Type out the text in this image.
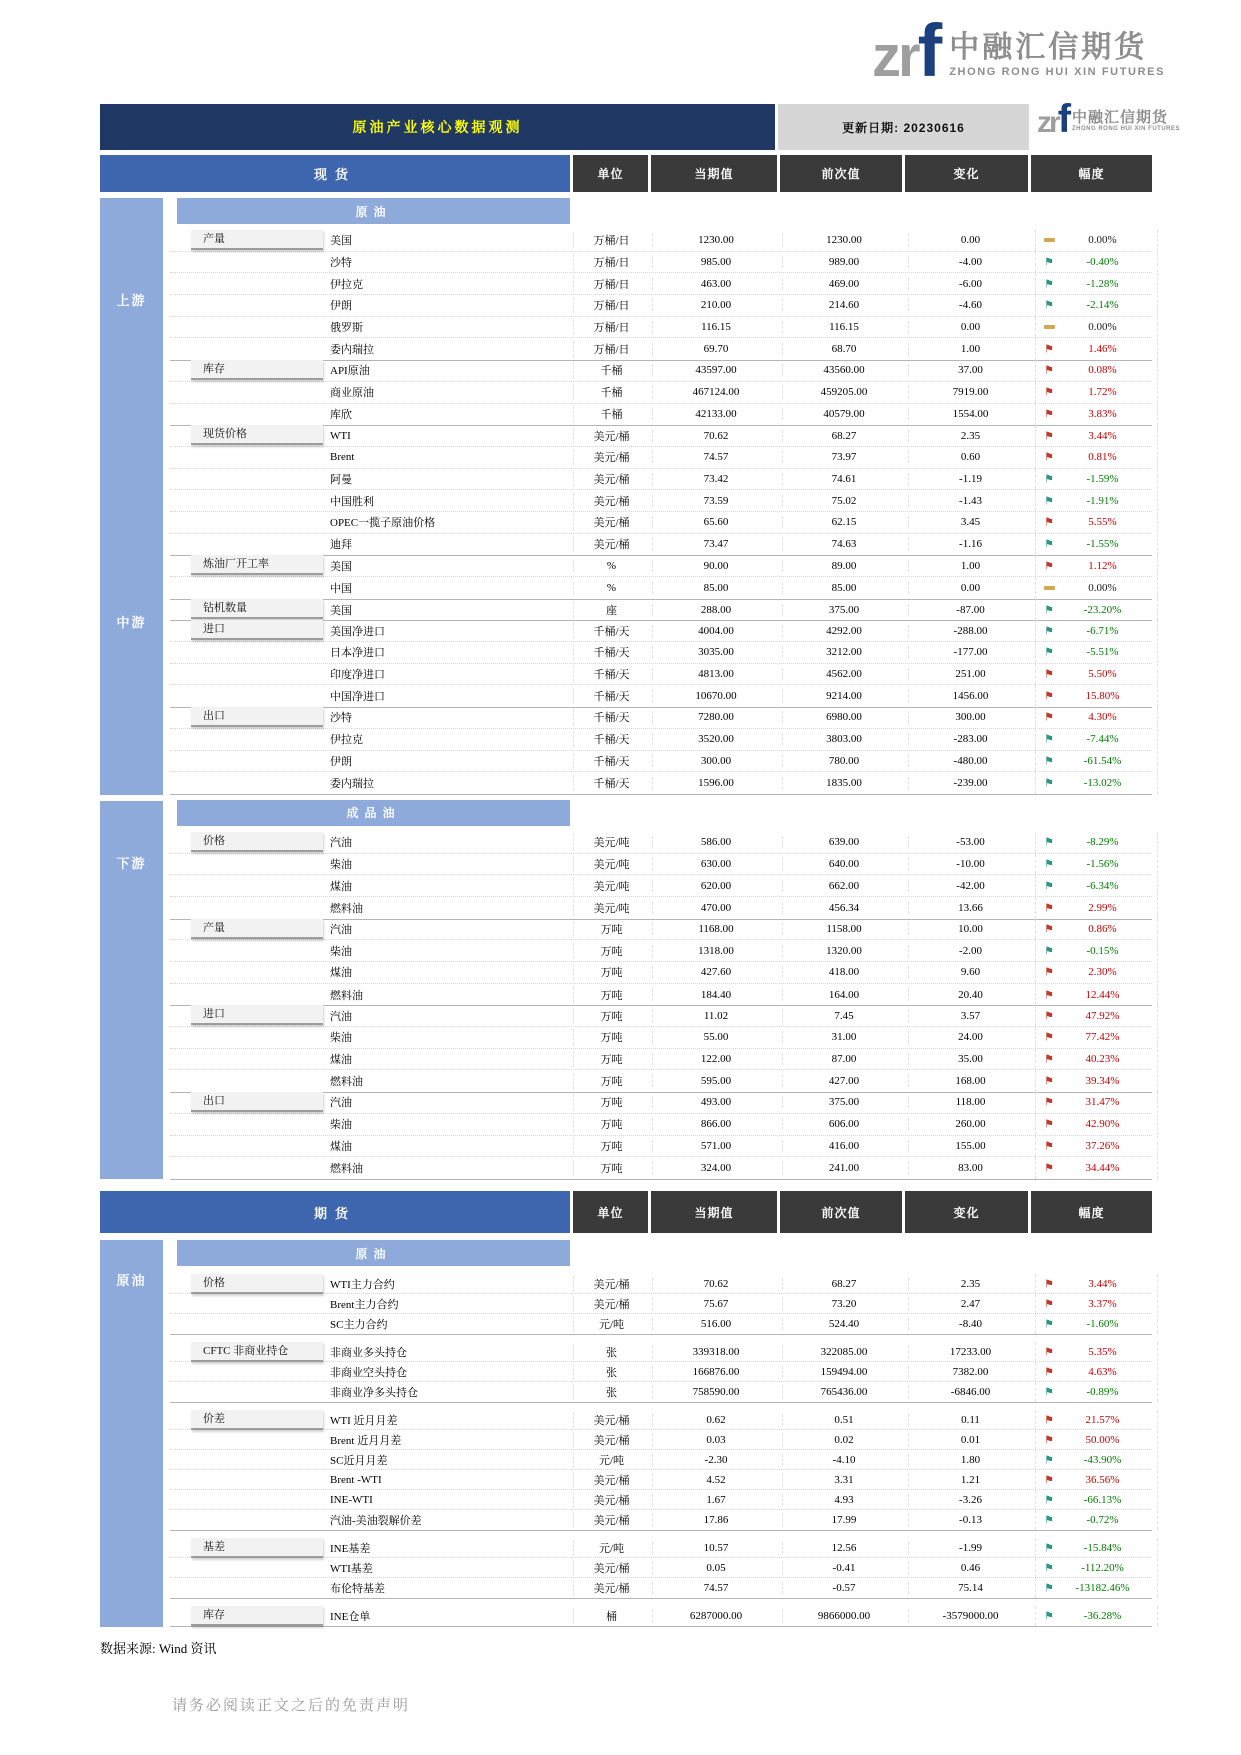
zrf 中融汇信期货
ZHONG RONG HUI XIN FUTURES
原油产业核心数据观测	更新日期: 20230616	zrf 中融汇信期货
ZHONG RONG HUI XIN FUTURES
现货	单位	当期值	前次值	变化	幅度
上游
中游
下游
原油
产量	美国	万桶/日	1230.00	1230.00	0.00	0.00%
沙特	万桶/日	985.00	989.00	-4.00	⚑	-0.40%
伊拉克	万桶/日	463.00	469.00	-6.00	⚑	-1.28%
伊朗	万桶/日	210.00	214.60	-4.60	⚑	-2.14%
俄罗斯	万桶/日	116.15	116.15	0.00	0.00%
委内瑞拉	万桶/日	69.70	68.70	1.00	⚑	1.46%
库存	API原油	千桶	43597.00	43560.00	37.00	⚑	0.08%
商业原油	千桶	467124.00	459205.00	7919.00	⚑	1.72%
库欣	千桶	42133.00	40579.00	1554.00	⚑	3.83%
现货价格	WTI	美元/桶	70.62	68.27	2.35	⚑	3.44%
Brent	美元/桶	74.57	73.97	0.60	⚑	0.81%
阿曼	美元/桶	73.42	74.61	-1.19	⚑	-1.59%
中国胜利	美元/桶	73.59	75.02	-1.43	⚑	-1.91%
OPEC一揽子原油价格	美元/桶	65.60	62.15	3.45	⚑	5.55%
迪拜	美元/桶	73.47	74.63	-1.16	⚑	-1.55%
炼油厂开工率	美国	%	90.00	89.00	1.00	⚑	1.12%
中国	%	85.00	85.00	0.00	0.00%
钻机数量	美国	座	288.00	375.00	-87.00	⚑	-23.20%
进口	美国净进口	千桶/天	4004.00	4292.00	-288.00	⚑	-6.71%
日本净进口	千桶/天	3035.00	3212.00	-177.00	⚑	-5.51%
印度净进口	千桶/天	4813.00	4562.00	251.00	⚑	5.50%
中国净进口	千桶/天	10670.00	9214.00	1456.00	⚑	15.80%
出口	沙特	千桶/天	7280.00	6980.00	300.00	⚑	4.30%
伊拉克	千桶/天	3520.00	3803.00	-283.00	⚑	-7.44%
伊朗	千桶/天	300.00	780.00	-480.00	⚑	-61.54%
委内瑞拉	千桶/天	1596.00	1835.00	-239.00	⚑	-13.02%
成品油
价格	汽油	美元/吨	586.00	639.00	-53.00	⚑	-8.29%
柴油	美元/吨	630.00	640.00	-10.00	⚑	-1.56%
煤油	美元/吨	620.00	662.00	-42.00	⚑	-6.34%
燃料油	美元/吨	470.00	456.34	13.66	⚑	2.99%
产量	汽油	万吨	1168.00	1158.00	10.00	⚑	0.86%
柴油	万吨	1318.00	1320.00	-2.00	⚑	-0.15%
煤油	万吨	427.60	418.00	9.60	⚑	2.30%
燃料油	万吨	184.40	164.00	20.40	⚑	12.44%
进口	汽油	万吨	11.02	7.45	3.57	⚑	47.92%
柴油	万吨	55.00	31.00	24.00	⚑	77.42%
煤油	万吨	122.00	87.00	35.00	⚑	40.23%
燃料油	万吨	595.00	427.00	168.00	⚑	39.34%
出口	汽油	万吨	493.00	375.00	118.00	⚑	31.47%
柴油	万吨	866.00	606.00	260.00	⚑	42.90%
煤油	万吨	571.00	416.00	155.00	⚑	37.26%
燃料油	万吨	324.00	241.00	83.00	⚑	34.44%
期货	单位	当期值	前次值	变化	幅度
原油
原油
价格	WTI主力合约	美元/桶	70.62	68.27	2.35	⚑	3.44%
Brent主力合约	美元/桶	75.67	73.20	2.47	⚑	3.37%
SC主力合约	元/吨	516.00	524.40	-8.40	⚑	-1.60%
CFTC 非商业持仓	非商业多头持仓	张	339318.00	322085.00	17233.00	⚑	5.35%
非商业空头持仓	张	166876.00	159494.00	7382.00	⚑	4.63%
非商业净多头持仓	张	758590.00	765436.00	-6846.00	⚑	-0.89%
价差	WTI 近月月差	美元/桶	0.62	0.51	0.11	⚑	21.57%
Brent 近月月差	美元/桶	0.03	0.02	0.01	⚑	50.00%
SC近月月差	元/吨	-2.30	-4.10	1.80	⚑	-43.90%
Brent -WTI	美元/桶	4.52	3.31	1.21	⚑	36.56%
INE-WTI	美元/桶	1.67	4.93	-3.26	⚑	-66.13%
汽油-美油裂解价差	美元/桶	17.86	17.99	-0.13	⚑	-0.72%
基差	INE基差	元/吨	10.57	12.56	-1.99	⚑	-15.84%
WTI基差	美元/桶	0.05	-0.41	0.46	⚑	-112.20%
布伦特基差	美元/桶	74.57	-0.57	75.14	⚑	-13182.46%
库存	INE仓单	桶	6287000.00	9866000.00	-3579000.00	⚑	-36.28%
数据来源: Wind 资讯
请务必阅读正文之后的免责声明
